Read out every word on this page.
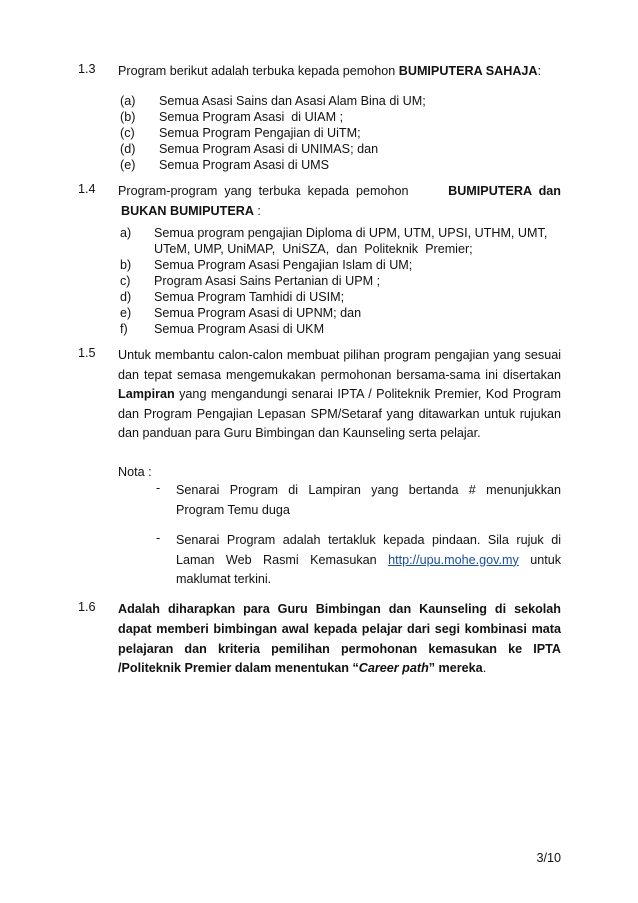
1.3 Program berikut adalah terbuka kepada pemohon BUMIPUTERA SAHAJA:
(a) Semua Asasi Sains dan Asasi Alam Bina di UM;
(b) Semua Program Asasi  di UIAM ;
(c) Semua Program Pengajian di UiTM;
(d) Semua Program Asasi di UNIMAS; dan
(e) Semua Program Asasi di UMS
1.4 Program-program  yang  terbuka  kepada  pemohon	BUMIPUTERA  dan
BUKAN BUMIPUTERA :
a) Semua program pengajian Diploma di UPM, UTM, UPSI, UTHM, UMT,
UTeM, UMP, UniMAP,  UniSZA,  dan  Politeknik  Premier;
b) Semua Program Asasi Pengajian Islam di UM;
c) Program Asasi Sains Pertanian di UPM ;
d) Semua Program Tamhidi di USIM;
e) Semua Program Asasi di UPNM; dan
f) Semua Program Asasi di UKM
1.5 Untuk membantu calon-calon membuat pilihan program pengajian yang sesuai dan tepat semasa mengemukakan permohonan bersama-sama ini disertakan Lampiran yang mengandungi senarai IPTA / Politeknik Premier, Kod Program dan Program Pengajian Lepasan SPM/Setaraf yang ditawarkan untuk rujukan dan panduan para Guru Bimbingan dan Kaunseling serta pelajar.
Nota :
- Senarai Program di Lampiran yang bertanda # menunjukkan Program Temu duga
- Senarai Program adalah tertakluk kepada pindaan. Sila rujuk di Laman Web Rasmi Kemasukan http://upu.mohe.gov.my untuk maklumat terkini.
1.6 Adalah diharapkan para Guru Bimbingan dan Kaunseling di sekolah dapat memberi bimbingan awal kepada pelajar dari segi kombinasi mata pelajaran dan kriteria pemilihan permohonan kemasukan ke IPTA /Politeknik Premier dalam menentukan “Career path” mereka.
3/10
